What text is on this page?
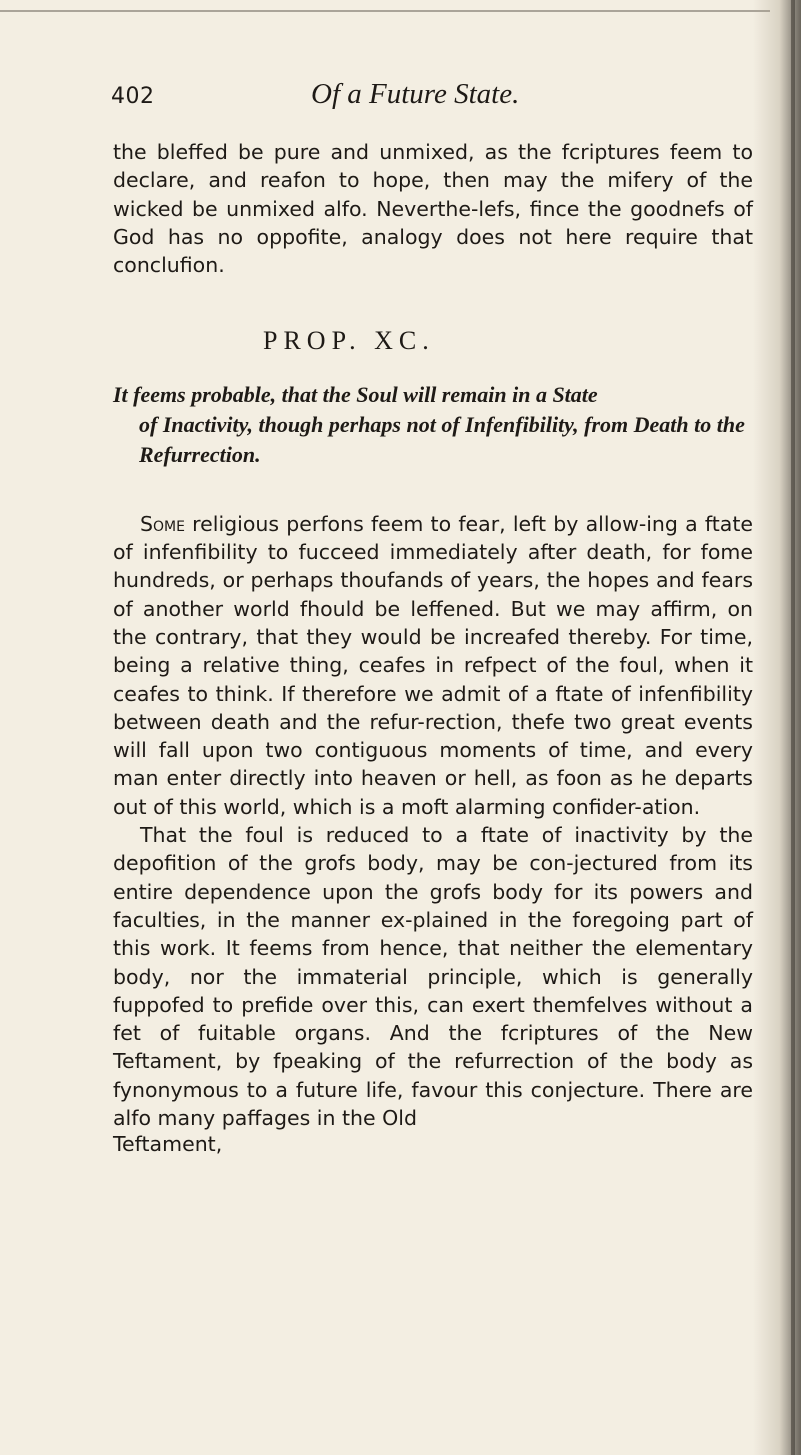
402	Of a Future State.

the bleffed be pure and unmixed, as the fcriptures feem to declare, and reafon to hope, then may the mifery of the wicked be unmixed alfo. Neverthe-lefs, fince the goodnefs of God has no oppofite, analogy does not here require that conclufion.

PROP. XC.

It feems probable, that the Soul will remain in a State
of Inactivity, though perhaps not of Infenfibility, from Death to the Refurrection.

Some religious perfons feem to fear, left by allow-ing a ftate of infenfibility to fucceed immediately after death, for fome hundreds, or perhaps thoufands of years, the hopes and fears of another world fhould be leffened. But we may affirm, on the contrary, that they would be increafed thereby. For time, being a relative thing, ceafes in refpect of the foul, when it ceafes to think. If therefore we admit of a ftate of infenfibility between death and the refur-rection, thefe two great events will fall upon two contiguous moments of time, and every man enter directly into heaven or hell, as foon as he departs out of this world, which is a moft alarming confider-ation.

That the foul is reduced to a ftate of inactivity by the depofition of the grofs body, may be con-jectured from its entire dependence upon the grofs body for its powers and faculties, in the manner ex-plained in the foregoing part of this work. It feems from hence, that neither the elementary body, nor the immaterial principle, which is generally fuppofed to prefide over this, can exert themfelves without a fet of fuitable organs. And the fcriptures of the New Teftament, by fpeaking of the refurrection of the body as fynonymous to a future life, favour this conjecture. There are alfo many paffages in the Old

Teftament,
